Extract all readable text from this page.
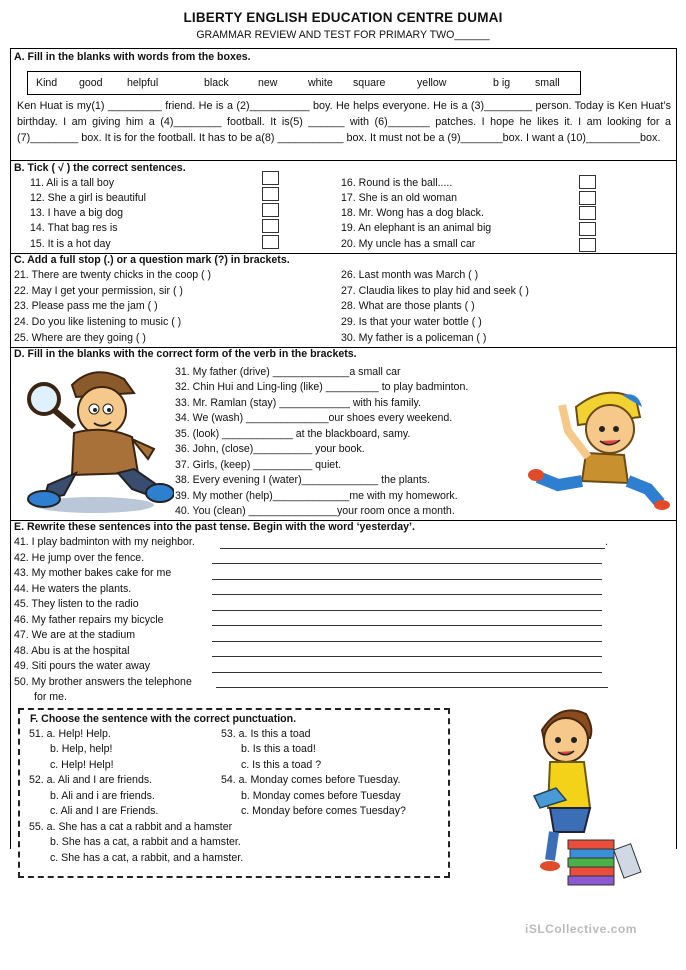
LIBERTY ENGLISH EDUCATION CENTRE DUMAI
GRAMMAR REVIEW AND TEST FOR PRIMARY TWO______
A. Fill in the blanks with words from the boxes.
Kind good helpful	black	new	white square	yellow	b ig small
Ken Huat is my(1) _________ friend. He is a (2)__________ boy. He helps everyone. He is a (3)________ person. Today is Ken Huat’s birthday. I am giving him a (4)________ football. It is(5) ______ with (6)_______ patches. I hope he likes it. I am looking for a (7)________ box. It is for the football. It has to be a(8) ___________ box. It must not be a (9)_______box. I want a (10)_________box.
B. Tick ( √ ) the correct sentences.
11. Ali is a tall boy
12. She a girl is beautiful
13. I have a big dog
14. That bag res is
15. It is a hot day
16. Round is the ball.....
17. She is an old woman
18. Mr. Wong has a dog black.
19. An elephant is an animal big
20. My uncle has a small car
C. Add a full stop (.) or a question mark (?) in brackets.
21. There are twenty chicks in the coop ( )
22. May I get your permission, sir ( )
23. Please pass me the jam ( )
24. Do you like listening to music ( )
25. Where are they going ( )
26. Last month was March ( )
27. Claudia likes to play hid and seek ( )
28. What are those plants ( )
29. Is that your water bottle ( )
30. My father is a policeman ( )
D. Fill in the blanks with the correct form of the verb in the brackets.
31. My father (drive) _____________a small car
32. Chin Hui and Ling-ling (like) _________ to play badminton.
33. Mr. Ramlan (stay) ____________ with his family.
34. We (wash) ______________our shoes every weekend.
35. (look) ____________ at the blackboard, samy.
36. John, (close)__________ your book.
37. Girls, (keep) __________ quiet.
38. Every evening I (water)_____________ the plants.
39. My mother (help)_____________me with my homework.
40. You (clean) _______________your room once a month.
E. Rewrite these sentences into the past tense. Begin with the word ‘yesterday’.
41. I play badminton with my neighbor.
42. He jump over the fence.
43. My mother bakes cake for me
44. He waters the plants.
45. They listen to the radio
46. My father repairs my bicycle
47. We are at the stadium
48. Abu is at the hospital
49. Siti pours the water away
50. My brother answers the telephone
for me.
.
F. Choose the sentence with the correct punctuation.
51. a. Help! Help.
b. Help, help!
c. Help! Help!
52. a. Ali and I are friends.
b. Ali and i are friends.
c. Ali and I are Friends.
53. a. Is this a toad
b. Is this a toad!
c. Is this a toad ?
54. a. Monday comes before Tuesday.
b. Monday comes before Tuesday
c. Monday before comes Tuesday?
55. a. She has a cat a rabbit and a hamster
b. She has a cat, a rabbit and a hamster.
c. She has a cat, a rabbit, and a hamster.
iSLCollective.com
